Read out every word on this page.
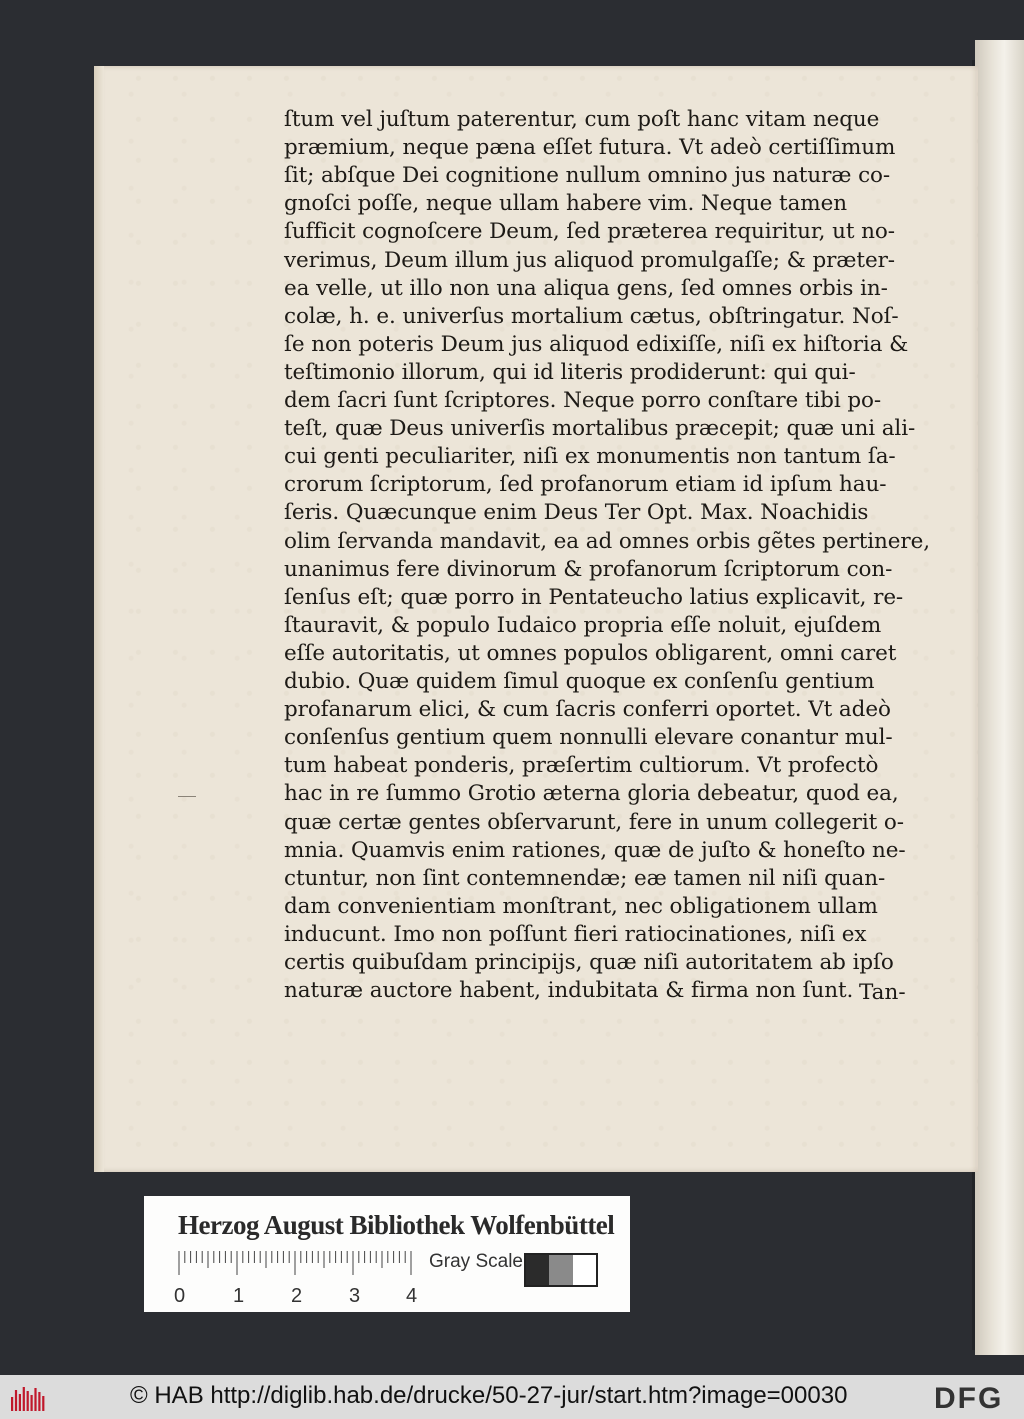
ſtum vel juſtum paterentur, cum poſt hanc vitam neque
præmium, neque pæna eſſet futura. Vt adeò certiſſimum
ſit; abſque Dei cognitione nullum omnino jus naturæ co-
gnoſci poſſe, neque ullam habere vim. Neque tamen
ſufficit cognoſcere Deum, ſed præterea requiritur, ut no-
verimus, Deum illum jus aliquod promulgaſſe; & præter-
ea velle, ut illo non una aliqua gens, ſed omnes orbis in-
colæ, h. e. univerſus mortalium cætus, obſtringatur. Noſ-
ſe non poteris Deum jus aliquod edixiſſe, niſi ex hiſtoria &
teſtimonio illorum, qui id literis prodiderunt: qui qui-
dem ſacri ſunt ſcriptores. Neque porro conſtare tibi po-
teſt, quæ Deus univerſis mortalibus præcepit; quæ uni ali-
cui genti peculiariter, niſi ex monumentis non tantum ſa-
crorum ſcriptorum, ſed profanorum etiam id ipſum hau-
ſeris. Quæcunque enim Deus Ter Opt. Max. Noachidis
olim ſervanda mandavit, ea ad omnes orbis gẽtes pertinere,
unanimus fere divinorum & profanorum ſcriptorum con-
ſenſus eſt; quæ porro in Pentateucho latius explicavit, re-
ſtauravit, & populo Iudaico propria eſſe noluit, ejuſdem
eſſe autoritatis, ut omnes populos obligarent, omni caret
dubio. Quæ quidem ſimul quoque ex conſenſu gentium
profanarum elici, & cum ſacris conferri oportet. Vt adeò
conſenſus gentium quem nonnulli elevare conantur mul-
tum habeat ponderis, præſertim cultiorum. Vt profectò
hac in re ſummo Grotio æterna gloria debeatur, quod ea,
quæ certæ gentes obſervarunt, fere in unum collegerit o-
mnia. Quamvis enim rationes, quæ de juſto & honeſto ne-
ctuntur, non ſint contemnendæ; eæ tamen nil niſi quan-
dam convenientiam monſtrant, nec obligationem ullam
inducunt. Imo non poſſunt fieri ratiocinationes, niſi ex
certis quibuſdam principijs, quæ niſi autoritatem ab ipſo
naturæ auctore habent, indubitata & firma non ſunt. Tan-
Herzog August Bibliothek Wolfenbüttel
0 1 2 3 4
Gray Scale
© HAB http://diglib.hab.de/drucke/50-27-jur/start.htm?image=00030	DFG
